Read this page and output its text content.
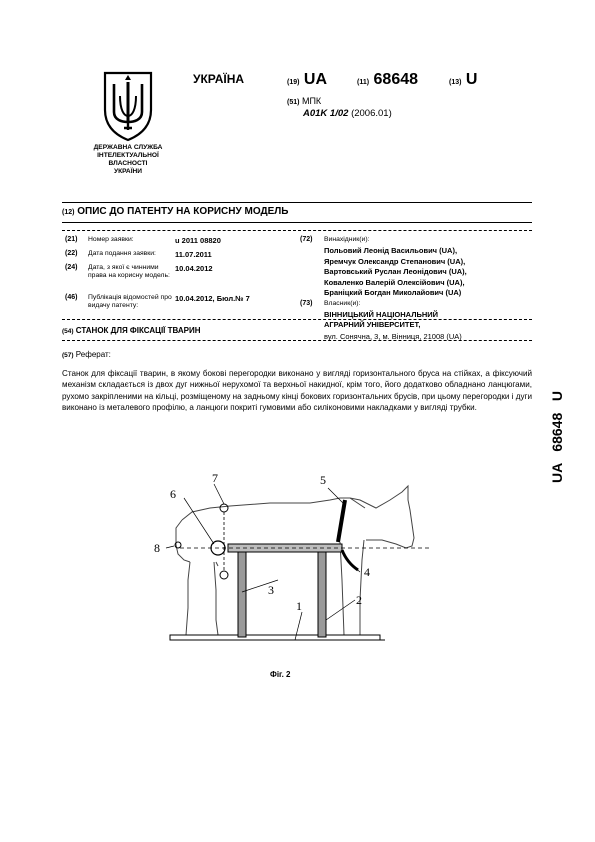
ДЕРЖАВНА СЛУЖБА
ІНТЕЛЕКТУАЛЬНОЇ
ВЛАСНОСТІ
УКРАЇНИ
УКРАЇНА	(19) UA	(11) 68648	(13) U
(51) МПК
A01K 1/02 (2006.01)
(12) ОПИС ДО ПАТЕНТУ НА КОРИСНУ МОДЕЛЬ
(21) Номер заявки:	u 2011 08820
(22) Дата подання заявки:	11.07.2011
(24) Дата, з якої є чинними права на корисну модель:
10.04.2012
(46) Публікація відомостей про видачу патенту:
10.04.2012, Бюл.№ 7
(72) Винахідник(и):
Польовий Леонід Васильович (UA),
Яремчук Олександр Степанович (UA),
Вартовський Руслан Леонідович (UA),
Коваленко Валерій Олексійович (UA),
Браніцкий Богдан Миколайович (UA)
(73) Власник(и):
ВІННИЦЬКИЙ НАЦІОНАЛЬНИЙ
АГРАРНИЙ УНІВЕРСИТЕТ,
вул. Сонячна, 3, м. Вінниця, 21008 (UA)
(54) СТАНОК ДЛЯ ФІКСАЦІЇ ТВАРИН
(57) Реферат:
Станок для фіксації тварин, в якому бокові перегородки виконано у вигляді горизонтального бруса на стійках, а фіксуючий механізм складається із двох дуг нижньої нерухомої та верхньої накидної, крім того, його додатково обладнано ланцюгами, рухомо закріпленими на кільці, розміщеному на задньому кінці бокових горизонтальних брусів, при цьому перегородки і дуги виконано із металевого профілю, а ланцюги покриті гумовими або силіконовими накладками у вигляді трубки.	UA   68648   U
1	2
3
4
5
6
7
8
Фіг. 2
